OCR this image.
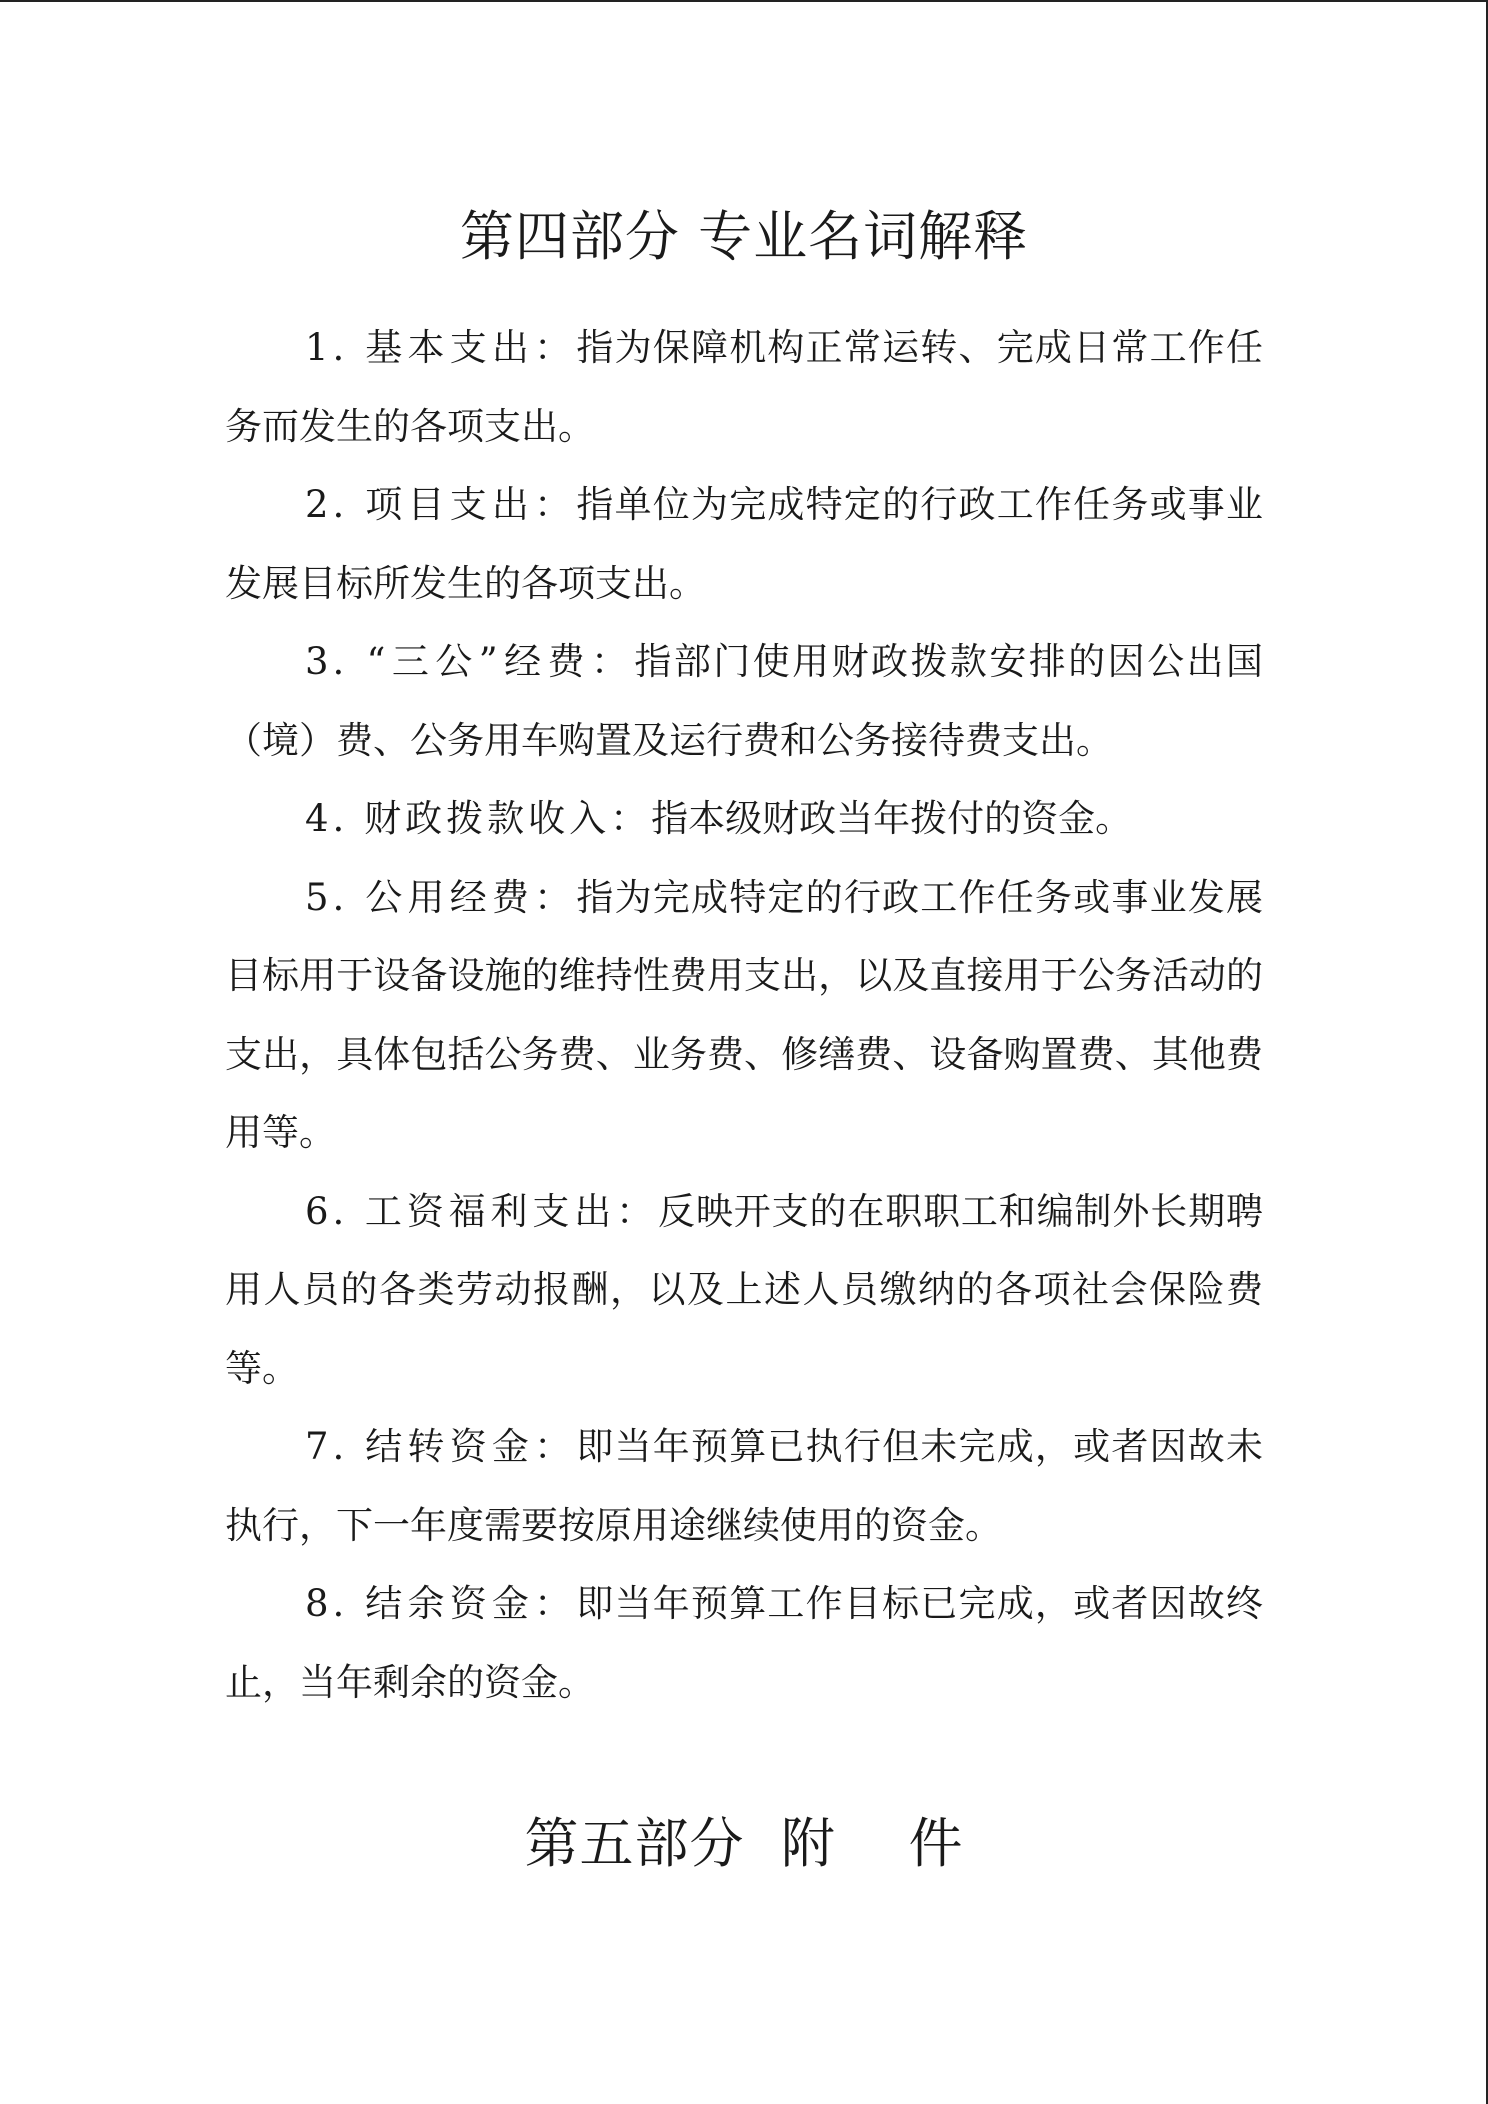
第四部分 专业名词解释

1. 基本支出：指为保障机构正常运转、完成日常工作任务而发生的各项支出。

2. 项目支出：指单位为完成特定的行政工作任务或事业发展目标所发生的各项支出。

3. “三公”经费：指部门使用财政拨款安排的因公出国（境）费、公务用车购置及运行费和公务接待费支出。

4. 财政拨款收入：指本级财政当年拨付的资金。

5. 公用经费：指为完成特定的行政工作任务或事业发展目标用于设备设施的维持性费用支出，以及直接用于公务活动的支出，具体包括公务费、业务费、修缮费、设备购置费、其他费用等。

6. 工资福利支出：反映开支的在职职工和编制外长期聘用人员的各类劳动报酬，以及上述人员缴纳的各项社会保险费等。

7. 结转资金：即当年预算已执行但未完成，或者因故未执行，下一年度需要按原用途继续使用的资金。

8. 结余资金：即当年预算工作目标已完成，或者因故终止，当年剩余的资金。

第五部分  附    件
